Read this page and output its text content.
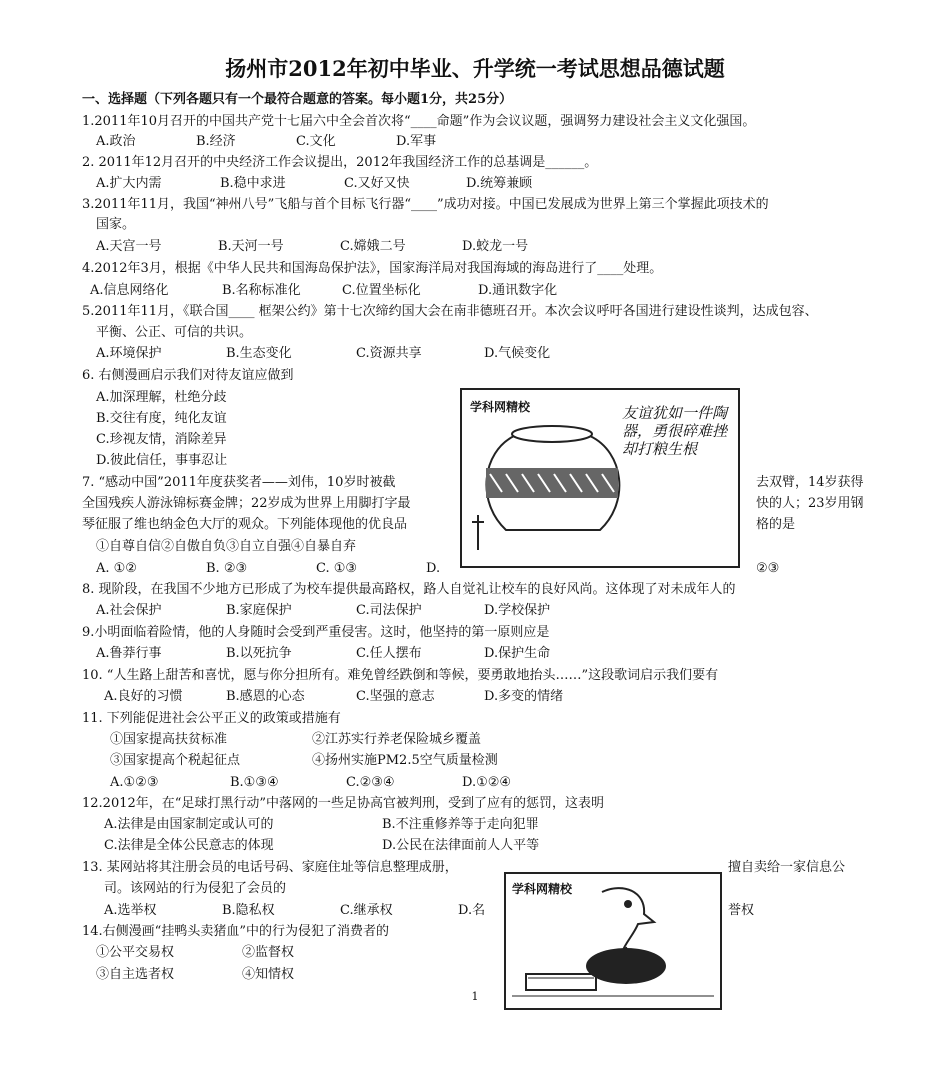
扬州市2012年初中毕业、升学统一考试思想品德试题
一、选择题（下列各题只有一个最符合题意的答案。每小题1分，共25分）
1.2011年10月召开的中国共产党十七届六中全会首次将“____命题”作为会议议题，强调努力建设社会主义文化强国。
A.政治	B.经济	C.文化	D.军事
2. 2011年12月召开的中央经济工作会议提出，2012年我国经济工作的总基调是______。
A.扩大内需	B.稳中求进	C.又好又快	D.统筹兼顾
3.2011年11月，我国“神州八号”飞船与首个目标飞行器“____”成功对接。中国已发展成为世界上第三个掌握此项技术的
国家。
A.天宫一号	B.天河一号	C.嫦娥二号	D.蛟龙一号
4.2012年3月，根据《中华人民共和国海岛保护法》，国家海洋局对我国海域的海岛进行了____处理。
A.信息网络化	B.名称标准化	C.位置坐标化	D.通讯数字化
5.2011年11月，《联合国____ 框架公约》第十七次缔约国大会在南非德班召开。本次会议呼吁各国进行建设性谈判，达成包容、
平衡、公正、可信的共识。
A.环境保护	B.生态变化	C.资源共享	D.气候变化
6. 右侧漫画启示我们对待友谊应做到
A.加深理解，杜绝分歧
B.交往有度，纯化友谊
C.珍视友情，消除差异
D.彼此信任，事事忍让
学科网精校	友谊犹如一件陶器，勇很碎难挫却打粮生根
7. “感动中国”2011年度获奖者——刘伟，10岁时被截	去双臂，14岁获得
全国残疾人游泳锦标赛金牌；22岁成为世界上用脚打字最	快的人；23岁用钢
琴征服了维也纳金色大厅的观众。下列能体现他的优良品	格的是
①自尊自信②自傲自负③自立自强④自暴自弃
A. ①②	B. ②③	C. ①③	D.	②③
8. 现阶段，在我国不少地方已形成了为校车提供最高路权，路人自觉礼让校车的良好风尚。这体现了对未成年人的
A.社会保护	B.家庭保护	C.司法保护	D.学校保护
9.小明面临着险情，他的人身随时会受到严重侵害。这时，他坚持的第一原则应是
A.鲁莽行事	B.以死抗争	C.任人摆布	D.保护生命
10. “人生路上甜苦和喜忧，愿与你分担所有。难免曾经跌倒和等候，要勇敢地抬头……”这段歌词启示我们要有
A.良好的习惯	B.感恩的心态	C.坚强的意志	D.多变的情绪
11. 下列能促进社会公平正义的政策或措施有
①国家提高扶贫标准	②江苏实行养老保险城乡覆盖
③国家提高个税起征点	④扬州实施PM2.5空气质量检测
A.①②③	B.①③④	C.②③④	D.①②④
12.2012年，在“足球打黑行动”中落网的一些足协高官被判刑，受到了应有的惩罚，这表明
A.法律是由国家制定或认可的	B.不注重修养等于走向犯罪
C.法律是全体公民意志的体现	D.公民在法律面前人人平等
13. 某网站将其注册会员的电话号码、家庭住址等信息整理成册，	擅自卖给一家信息公
司。该网站的行为侵犯了会员的
A.选举权	B.隐私权	C.继承权	D.名	誉权
14.右侧漫画“挂鸭头卖猪血”中的行为侵犯了消费者的
①公平交易权	②监督权
③自主选者权	④知情权
学科网精校
1
